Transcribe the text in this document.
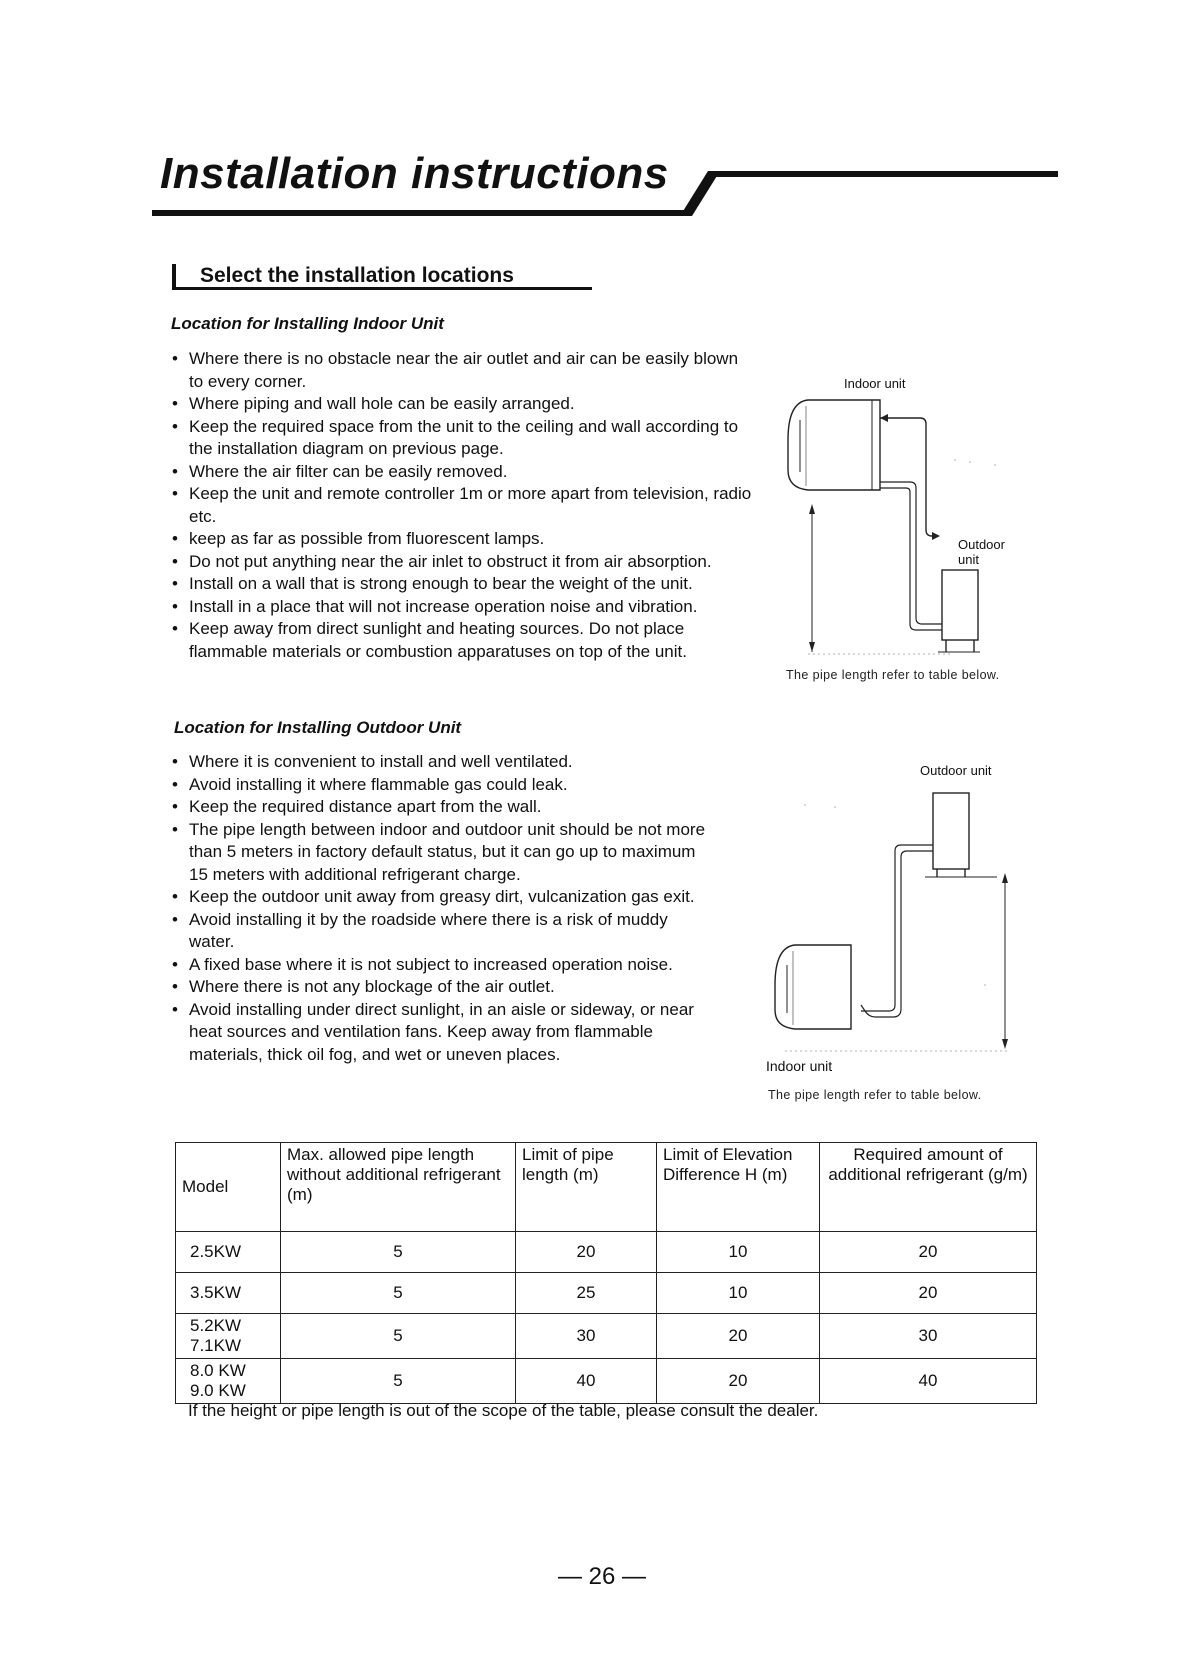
Installation instructions
Select the installation locations
Location for Installing Indoor Unit
• Where there is no obstacle near the air outlet and air can be easily blown to every corner.
• Where piping and wall hole can be easily arranged.
• Keep the required space from the unit to the ceiling and wall according to the installation diagram on previous page.
• Where the air filter can be easily removed.
• Keep the unit and remote controller 1m or more apart from television, radio etc.
• keep as far as possible from fluorescent lamps.
• Do not put anything near the air inlet to obstruct it from air absorption.
• Install on a wall that is strong enough to bear the weight of the unit.
• Install in a place that will not increase operation noise and vibration.
• Keep away from direct sunlight and heating sources. Do not place flammable materials or combustion apparatuses on top of the unit.
Indoor unit
Outdoor unit
The pipe length refer to table below.
Location for Installing Outdoor Unit
• Where it is convenient to install and well ventilated.
• Avoid installing it where flammable gas could leak.
• Keep the required distance apart from the wall.
• The pipe length between indoor and outdoor unit should be not more than 5 meters in factory default status, but it can go up to maximum 15 meters with additional refrigerant charge.
• Keep the outdoor unit away from greasy dirt, vulcanization gas exit.
• Avoid installing it by the roadside where there is a risk of muddy water.
• A fixed base where it is not subject to increased operation noise.
• Where there is not any blockage of the air outlet.
• Avoid installing under direct sunlight, in an aisle or sideway, or near heat sources and ventilation fans. Keep away from flammable materials, thick oil fog, and wet or uneven places.
Outdoor unit
Indoor unit
The pipe length refer to table below.
Model	Max. allowed pipe length without additional refrigerant (m)	Limit of pipe length (m)	Limit of Elevation Difference H (m)	Required amount of additional refrigerant (g/m)
2.5KW	5	20	10	20
3.5KW	5	25	10	20
5.2KW 7.1KW	5	30	20	30
8.0 KW 9.0 KW	5	40	20	40
If the height or pipe length is out of the scope of the table, please consult the dealer.
— 26 —
